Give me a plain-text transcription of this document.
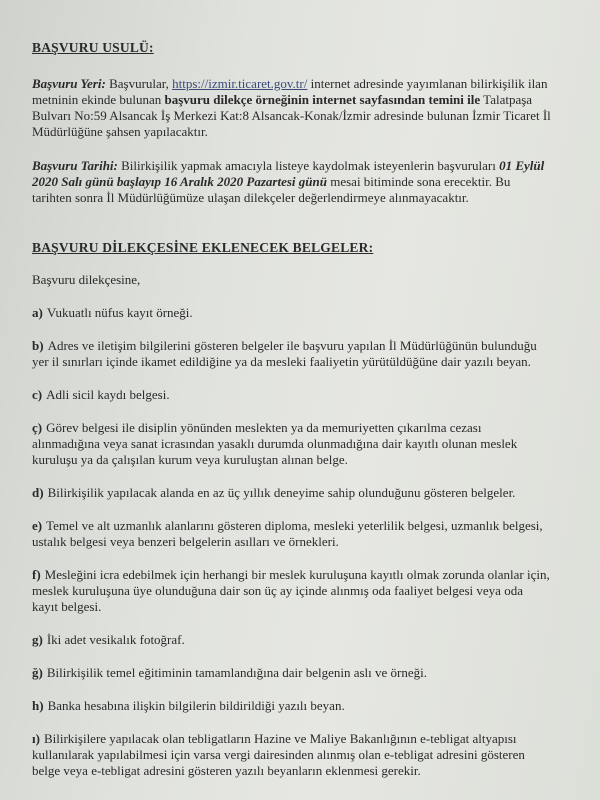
BAŞVURU USULÜ:

Başvuru Yeri: Başvurular, https://izmir.ticaret.gov.tr/ internet adresinde yayımlanan bilirkişilik ilan metninin ekinde bulunan başvuru dilekçe örneğinin internet sayfasından temini ile Talatpaşa Bulvarı No:59 Alsancak İş Merkezi Kat:8 Alsancak-Konak/İzmir adresinde bulunan İzmir Ticaret İl Müdürlüğüne şahsen yapılacaktır.

Başvuru Tarihi: Bilirkişilik yapmak amacıyla listeye kaydolmak isteyenlerin başvuruları 01 Eylül 2020 Salı günü başlayıp 16 Aralık 2020 Pazartesi günü mesai bitiminde sona erecektir. Bu tarihten sonra İl Müdürlüğümüze ulaşan dilekçeler değerlendirmeye alınmayacaktır.

BAŞVURU DİLEKÇESİNE EKLENECEK BELGELER:

Başvuru dilekçesine,

a) Vukuatlı nüfus kayıt örneği.

b) Adres ve iletişim bilgilerini gösteren belgeler ile başvuru yapılan İl Müdürlüğünün bulunduğu yer il sınırları içinde ikamet edildiğine ya da mesleki faaliyetin yürütüldüğüne dair yazılı beyan.

c) Adli sicil kaydı belgesi.

ç) Görev belgesi ile disiplin yönünden meslekten ya da memuriyetten çıkarılma cezası alınmadığına veya sanat icrasından yasaklı durumda olunmadığına dair kayıtlı olunan meslek kuruluşu ya da çalışılan kurum veya kuruluştan alınan belge.

d) Bilirkişilik yapılacak alanda en az üç yıllık deneyime sahip olunduğunu gösteren belgeler.

e) Temel ve alt uzmanlık alanlarını gösteren diploma, mesleki yeterlilik belgesi, uzmanlık belgesi, ustalık belgesi veya benzeri belgelerin asılları ve örnekleri.

f) Mesleğini icra edebilmek için herhangi bir meslek kuruluşuna kayıtlı olmak zorunda olanlar için, meslek kuruluşuna üye olunduğuna dair son üç ay içinde alınmış oda faaliyet belgesi veya oda kayıt belgesi.

g) İki adet vesikalık fotoğraf.

ğ) Bilirkişilik temel eğitiminin tamamlandığına dair belgenin aslı ve örneği.

h) Banka hesabına ilişkin bilgilerin bildirildiği yazılı beyan.

ı) Bilirkişilere yapılacak olan tebligatların Hazine ve Maliye Bakanlığının e-tebligat altyapısı kullanılarak yapılabilmesi için varsa vergi dairesinden alınmış olan e-tebligat adresini gösteren belge veya e-tebligat adresini gösteren yazılı beyanların eklenmesi gerekir.
